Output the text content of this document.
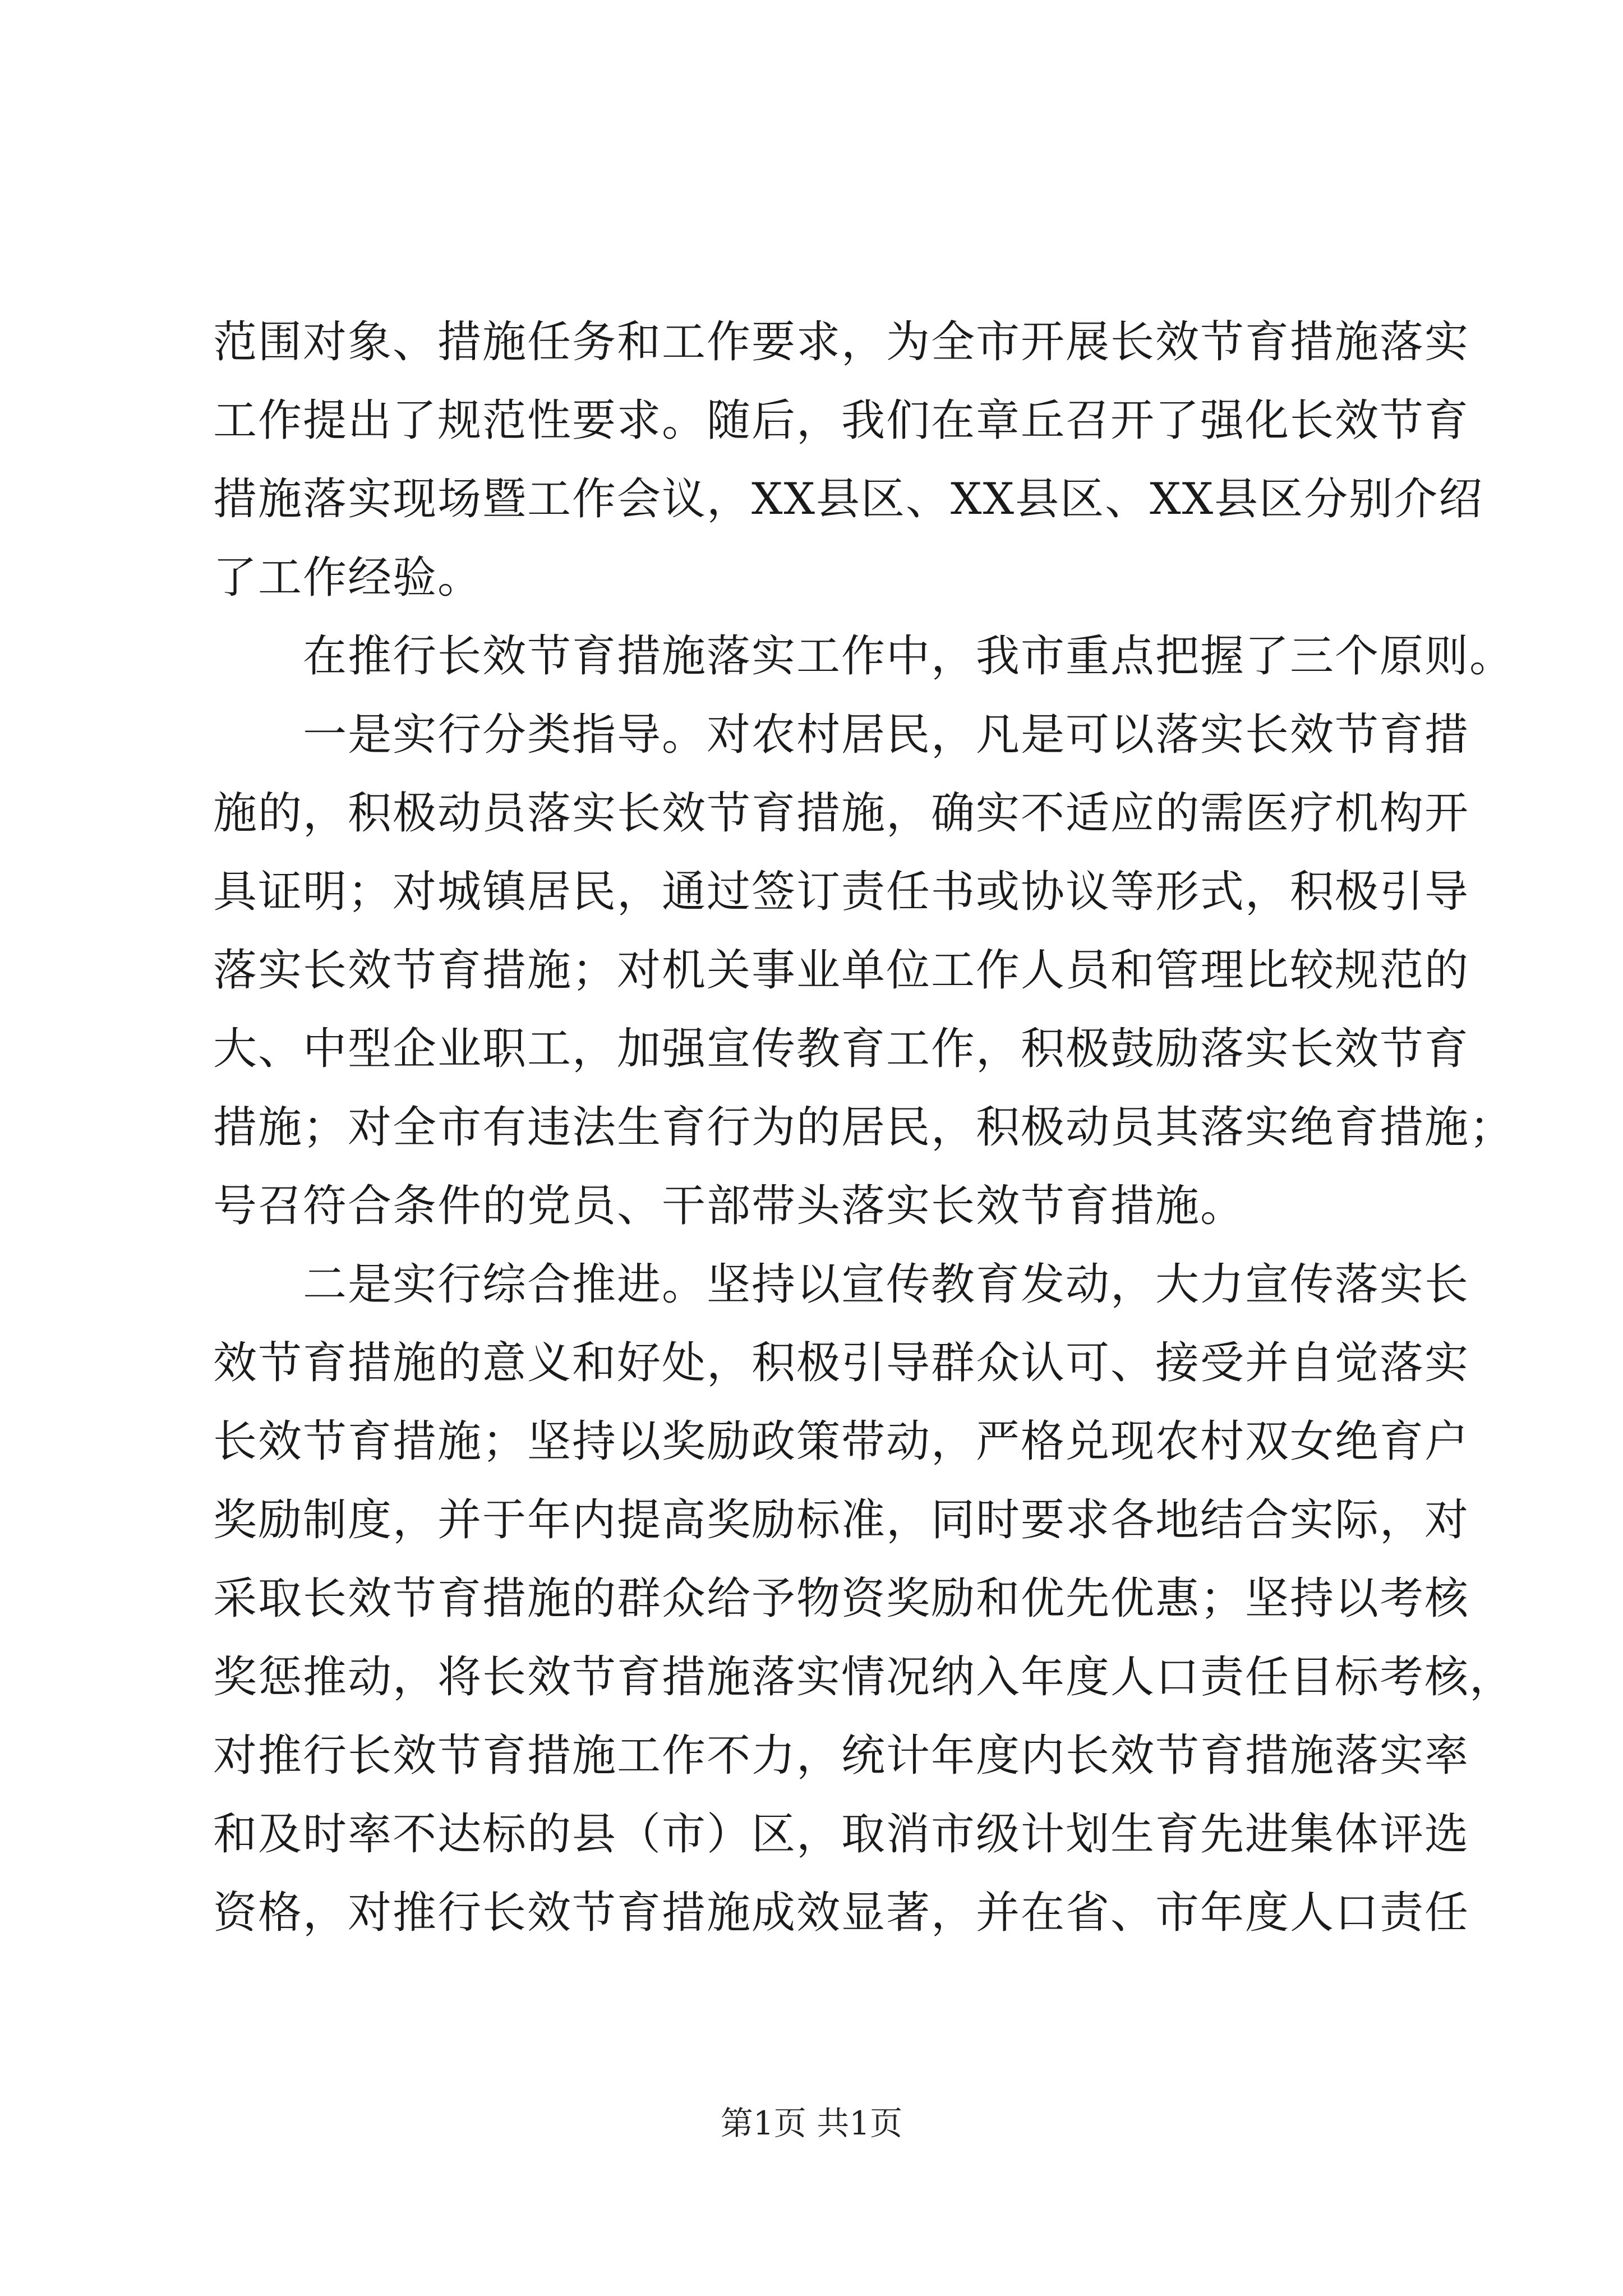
范围对象、措施任务和工作要求，为全市开展长效节育措施落实
工作提出了规范性要求。随后，我们在章丘召开了强化长效节育
措施落实现场暨工作会议，XX县区、XX县区、XX县区分别介绍
了工作经验。
在推行长效节育措施落实工作中，我市重点把握了三个原则。
一是实行分类指导。对农村居民，凡是可以落实长效节育措
施的，积极动员落实长效节育措施，确实不适应的需医疗机构开
具证明；对城镇居民，通过签订责任书或协议等形式，积极引导
落实长效节育措施；对机关事业单位工作人员和管理比较规范的
大、中型企业职工，加强宣传教育工作，积极鼓励落实长效节育
措施；对全市有违法生育行为的居民，积极动员其落实绝育措施；
号召符合条件的党员、干部带头落实长效节育措施。
二是实行综合推进。坚持以宣传教育发动，大力宣传落实长
效节育措施的意义和好处，积极引导群众认可、接受并自觉落实
长效节育措施；坚持以奖励政策带动，严格兑现农村双女绝育户
奖励制度，并于年内提高奖励标准，同时要求各地结合实际，对
采取长效节育措施的群众给予物资奖励和优先优惠；坚持以考核
奖惩推动，将长效节育措施落实情况纳入年度人口责任目标考核，
对推行长效节育措施工作不力，统计年度内长效节育措施落实率
和及时率不达标的县（市）区，取消市级计划生育先进集体评选
资格，对推行长效节育措施成效显著，并在省、市年度人口责任
第1页 共1页
